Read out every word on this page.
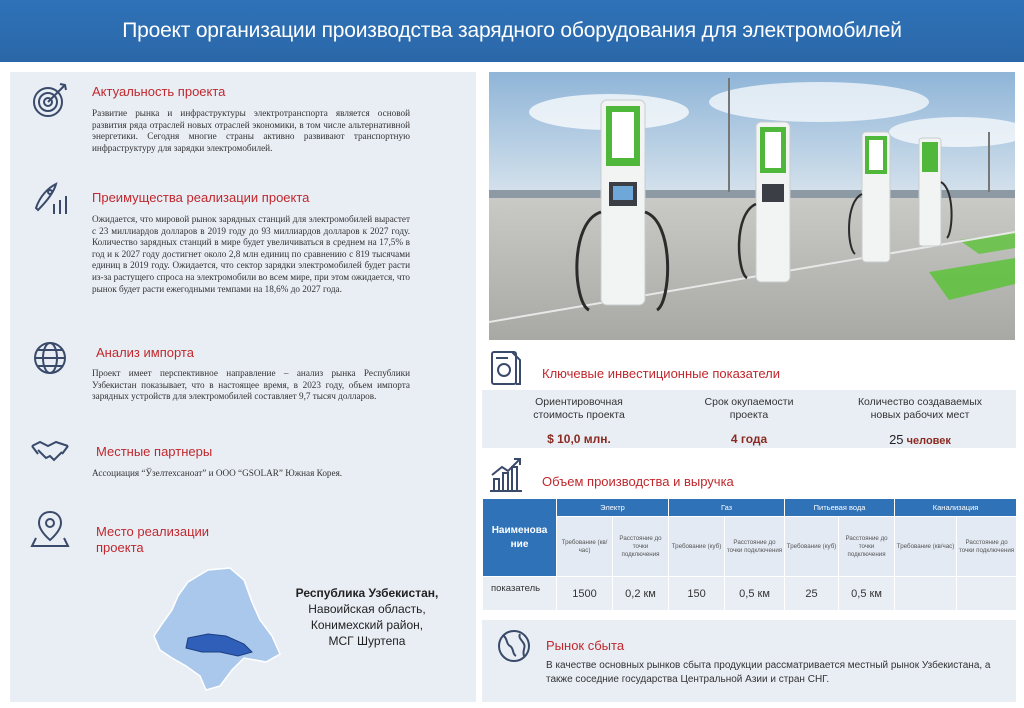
Проект организации производства зарядного оборудования для электромобилей
Актуальность проекта
Развитие рынка и инфраструктуры электротранспорта является основой развития ряда отраслей новых отраслей экономики, в том числе альтернативной энергетики. Сегодня многие страны активно развивают транспортную инфраструктуру для зарядки электромобилей.
Преимущества реализации проекта
Ожидается, что мировой рынок зарядных станций для электромобилей вырастет с 23 миллиардов долларов в 2019 году до 93 миллиардов долларов к 2027 году. Количество зарядных станций в мире будет увеличиваться в среднем на 17,5% в год и к 2027 году достигнет около 2,8 млн единиц по сравнению с 819 тысячами единиц в 2019 году. Ожидается, что сектор зарядки электромобилей будет расти из-за растущего спроса на электромобили во всем мире, при этом ожидается, что рынок будет расти ежегодными темпами на 18,6% до 2027 года.
Анализ импорта
Проект имеет перспективное направление – анализ рынка Республики Узбекистан показывает, что в настоящее время, в 2023 году, объем импорта зарядных устройств для электромобилей составляет 9,7 тысяч долларов.
Местные партнеры
Ассоциация “Ўзелтехсаноат” и ООО “GSOLAR” Южная Корея.
Место реализации
проекта
Республика Узбекистан,
Навоийская область,
Конимехский район,
МСГ Шуртепа
Ключевые инвестиционные показатели
Ориентировочная
стоимость проекта
$ 10,0 млн.
Срок окупаемости
проекта
4 года
Количество создаваемых
новых рабочих мест
25 человек
Объем производства и выручка
Наименова
ние	Электр		Газ		Питьевая вода		Канализация	
	Требование (кв/час)	Расстояние до точки подключения	Требование (куб)	Расстояние до точки подключения	Требование (куб)	Расстояние до точки подключения	Требование (кв/час)	Расстояние до точки подключения
показатель	1500	0,2 км	150	0,5 км	25	0,5 км		
Рынок сбыта
В качестве основных рынков сбыта продукции рассматривается местный рынок Узбекистана, а также соседние государства Центральной Азии и стран СНГ.
